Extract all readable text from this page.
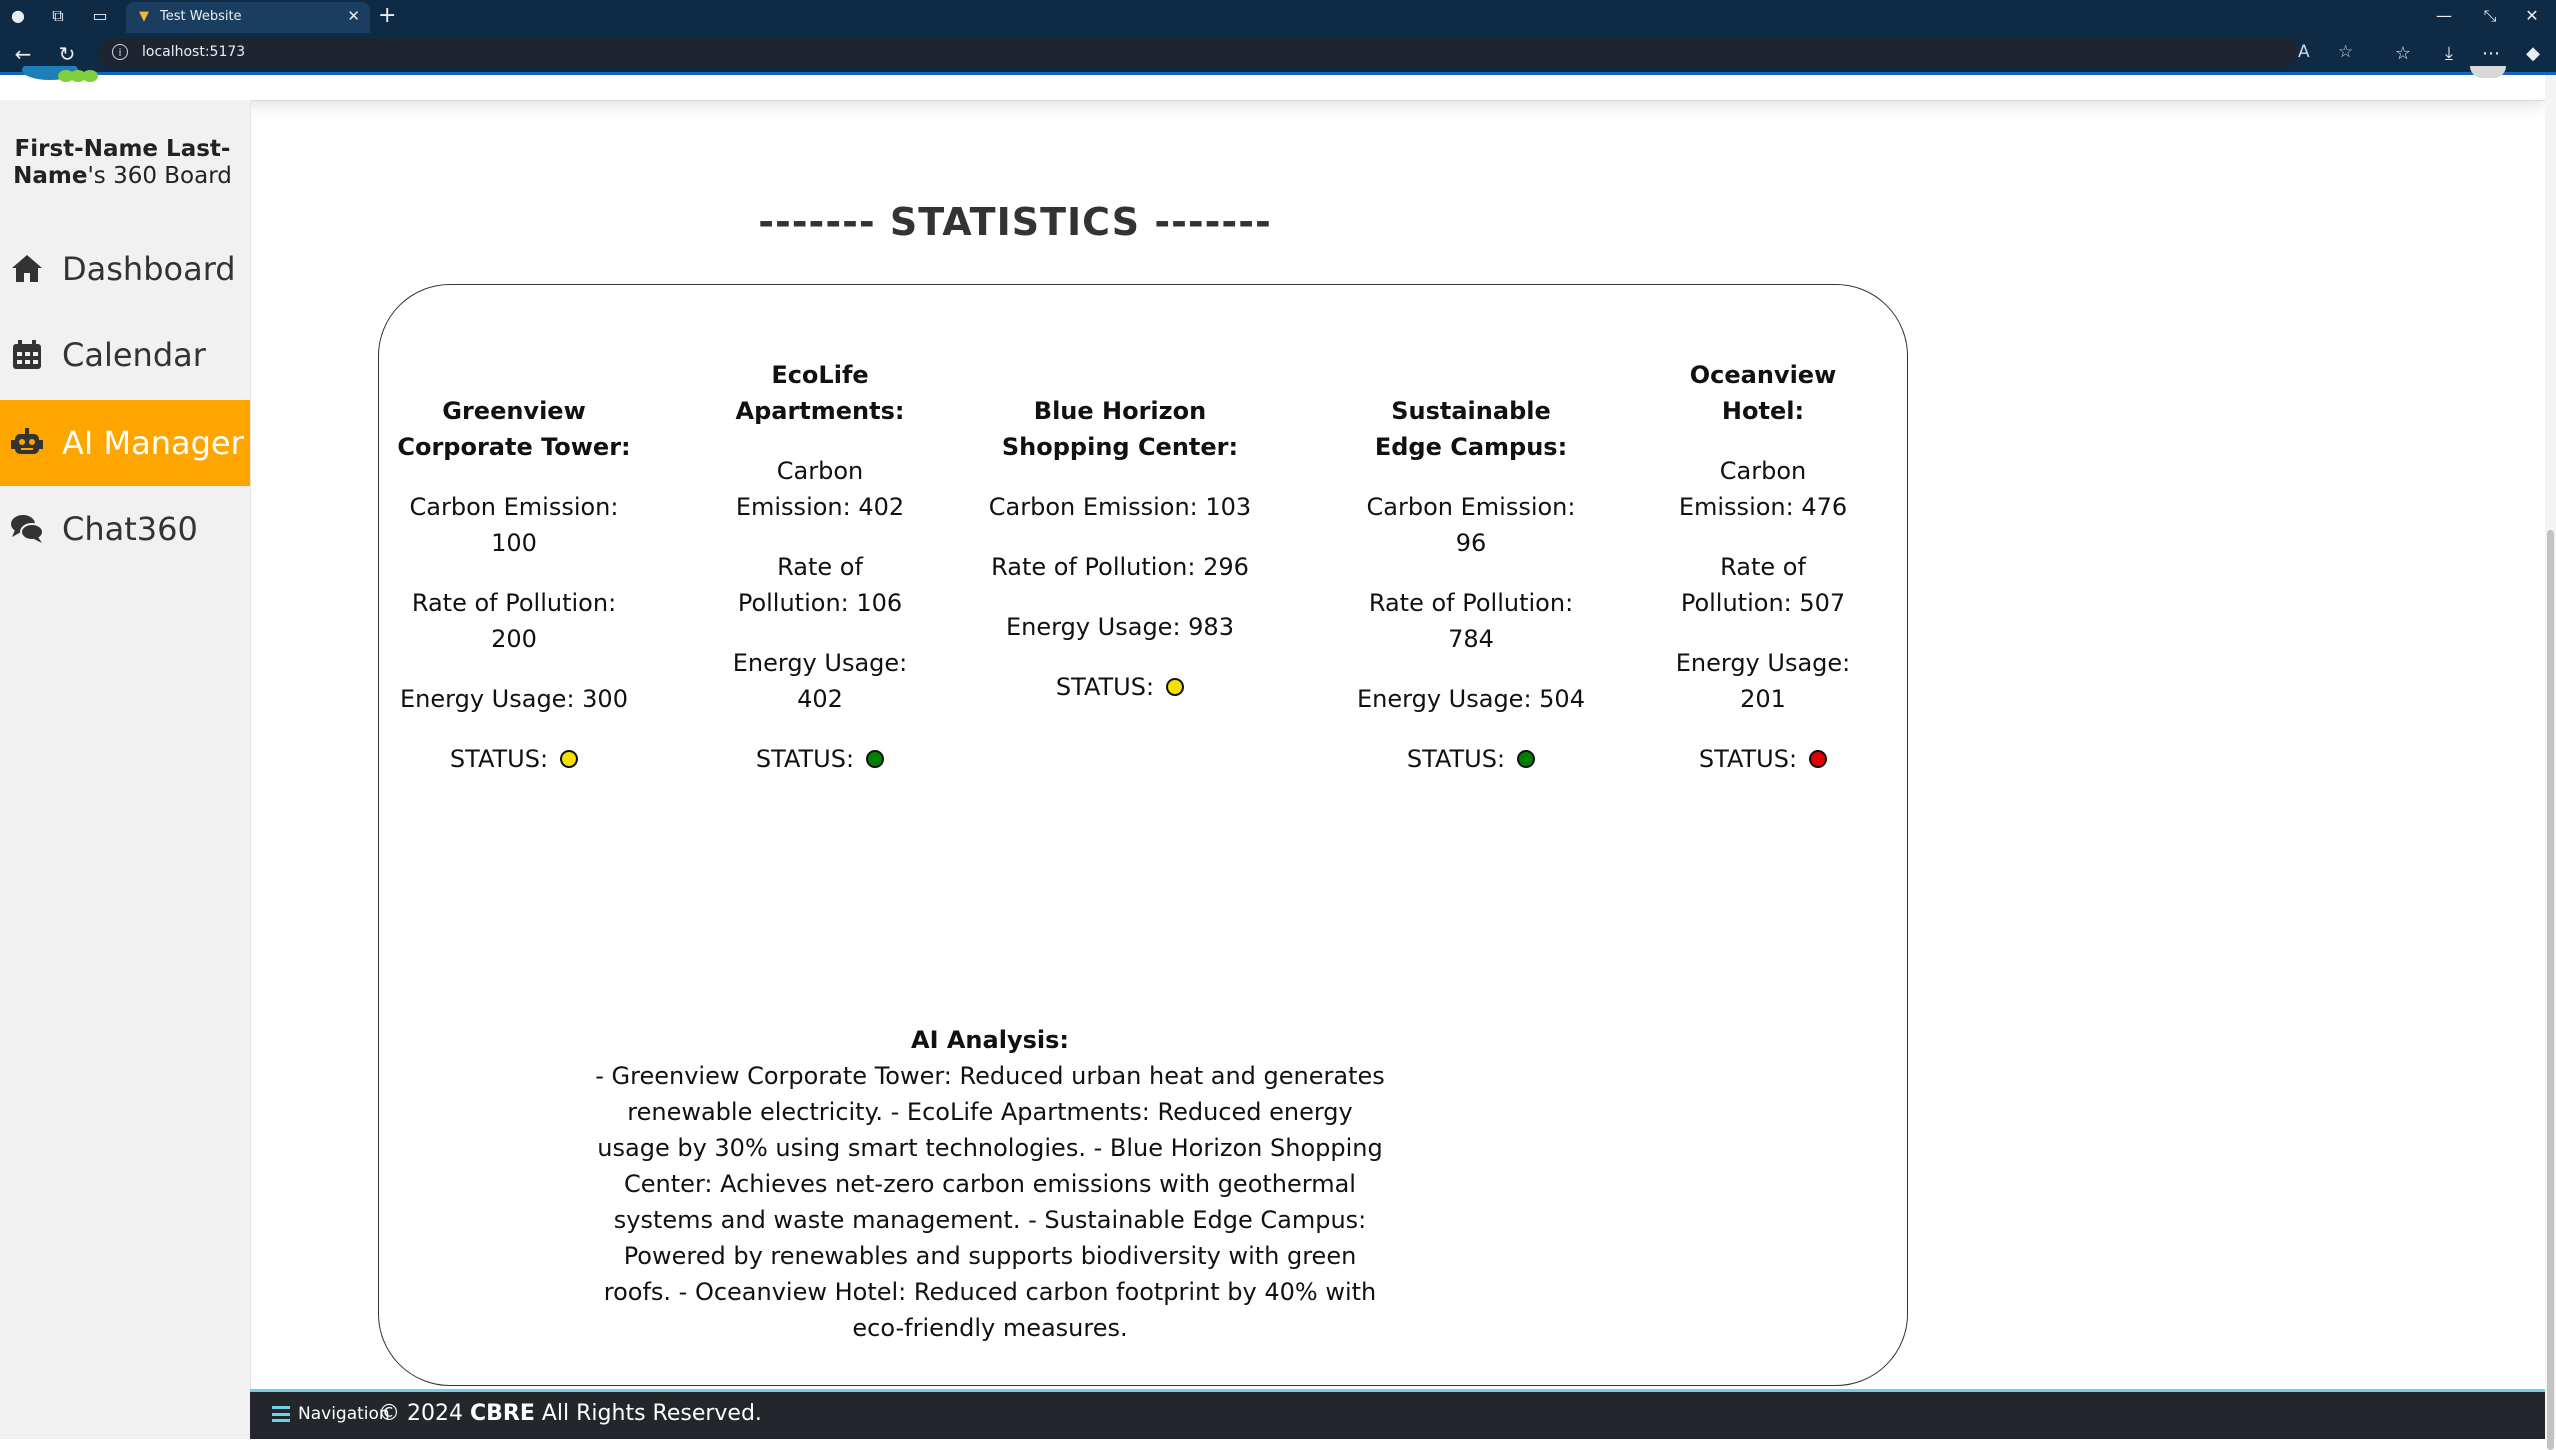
●	⧉	▭	▼ Test Website	✕ +	—	⤡	✕
← ↻	i	localhost:5173	A ☆ ☆	⤓	⋯	◆
First-Name Last-Name's 360 Board
Dashboard
Calendar
AI Manager
Chat360
------- STATISTICS -------
Greenview Corporate Tower:

Carbon Emission: 100

Rate of Pollution: 200

Energy Usage: 300

STATUS:
EcoLife Apartments:

Carbon Emission: 402

Rate of Pollution: 106

Energy Usage: 402

STATUS:
Blue Horizon Shopping Center:

Carbon Emission: 103

Rate of Pollution: 296

Energy Usage: 983

STATUS:
Sustainable Edge Campus:

Carbon Emission: 96

Rate of Pollution: 784

Energy Usage: 504

STATUS:
Oceanview Hotel:

Carbon Emission: 476

Rate of Pollution: 507

Energy Usage: 201

STATUS:
AI Analysis:
- Greenview Corporate Tower: Reduced urban heat and generates renewable electricity. - EcoLife Apartments: Reduced energy usage by 30% using smart technologies. - Blue Horizon Shopping Center: Achieves net-zero carbon emissions with geothermal systems and waste management. - Sustainable Edge Campus: Powered by renewables and supports biodiversity with green roofs. - Oceanview Hotel: Reduced carbon footprint by 40% with eco-friendly measures.
Navigation
© 2024 CBRE All Rights Reserved.
